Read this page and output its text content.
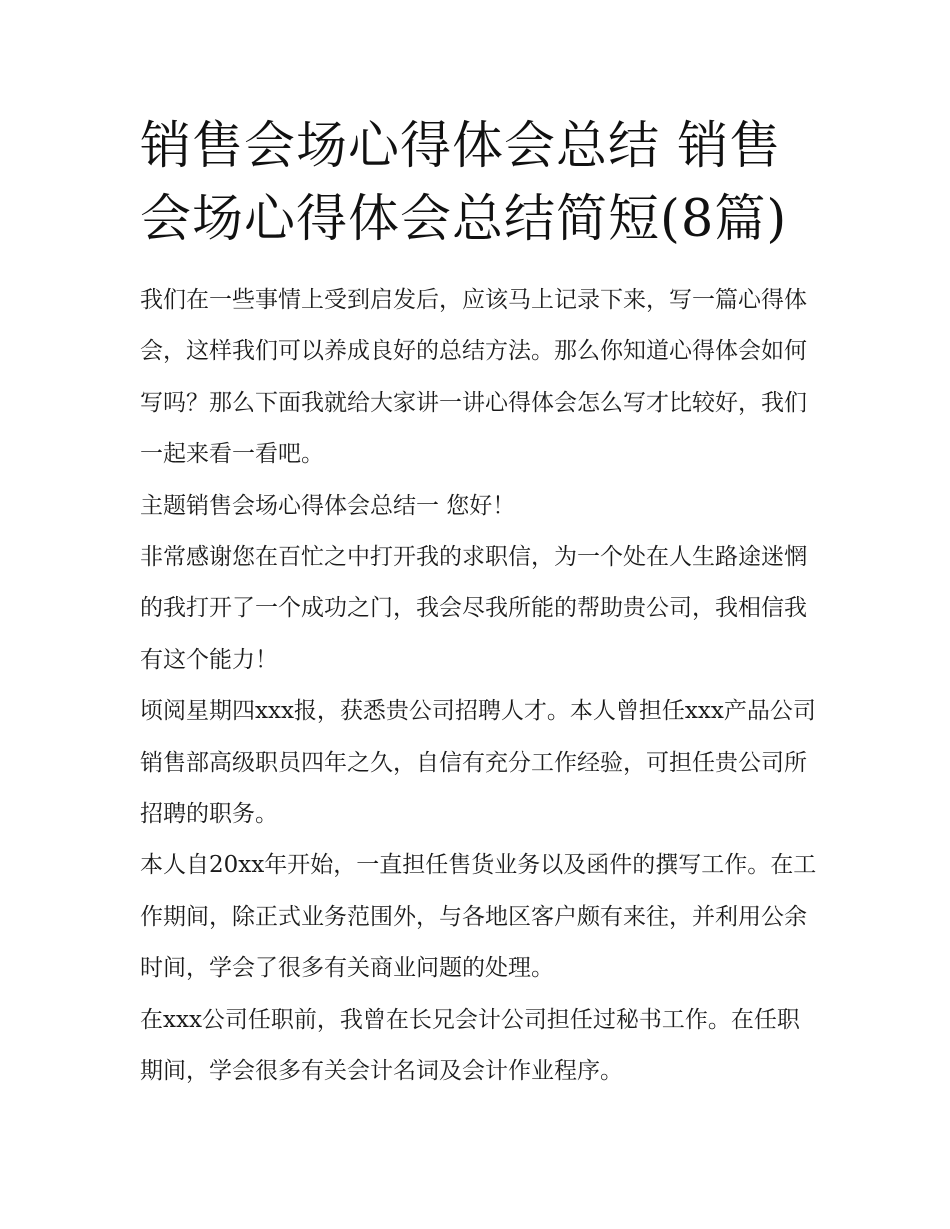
销售会场心得体会总结 销售会场心得体会总结简短(8篇)

我们在一些事情上受到启发后，应该马上记录下来，写一篇心得体会，这样我们可以养成良好的总结方法。那么你知道心得体会如何写吗？那么下面我就给大家讲一讲心得体会怎么写才比较好，我们一起来看一看吧。

主题销售会场心得体会总结一 您好！

非常感谢您在百忙之中打开我的求职信，为一个处在人生路途迷惘的我打开了一个成功之门，我会尽我所能的帮助贵公司，我相信我有这个能力！

顷阅星期四xxx报，获悉贵公司招聘人才。本人曾担任xxx产品公司销售部高级职员四年之久，自信有充分工作经验，可担任贵公司所招聘的职务。

本人自20xx年开始，一直担任售货业务以及函件的撰写工作。在工作期间，除正式业务范围外，与各地区客户颇有来往，并利用公余时间，学会了很多有关商业问题的处理。

在xxx公司任职前，我曾在长兄会计公司担任过秘书工作。在任职期间，学会很多有关会计名词及会计作业程序。
